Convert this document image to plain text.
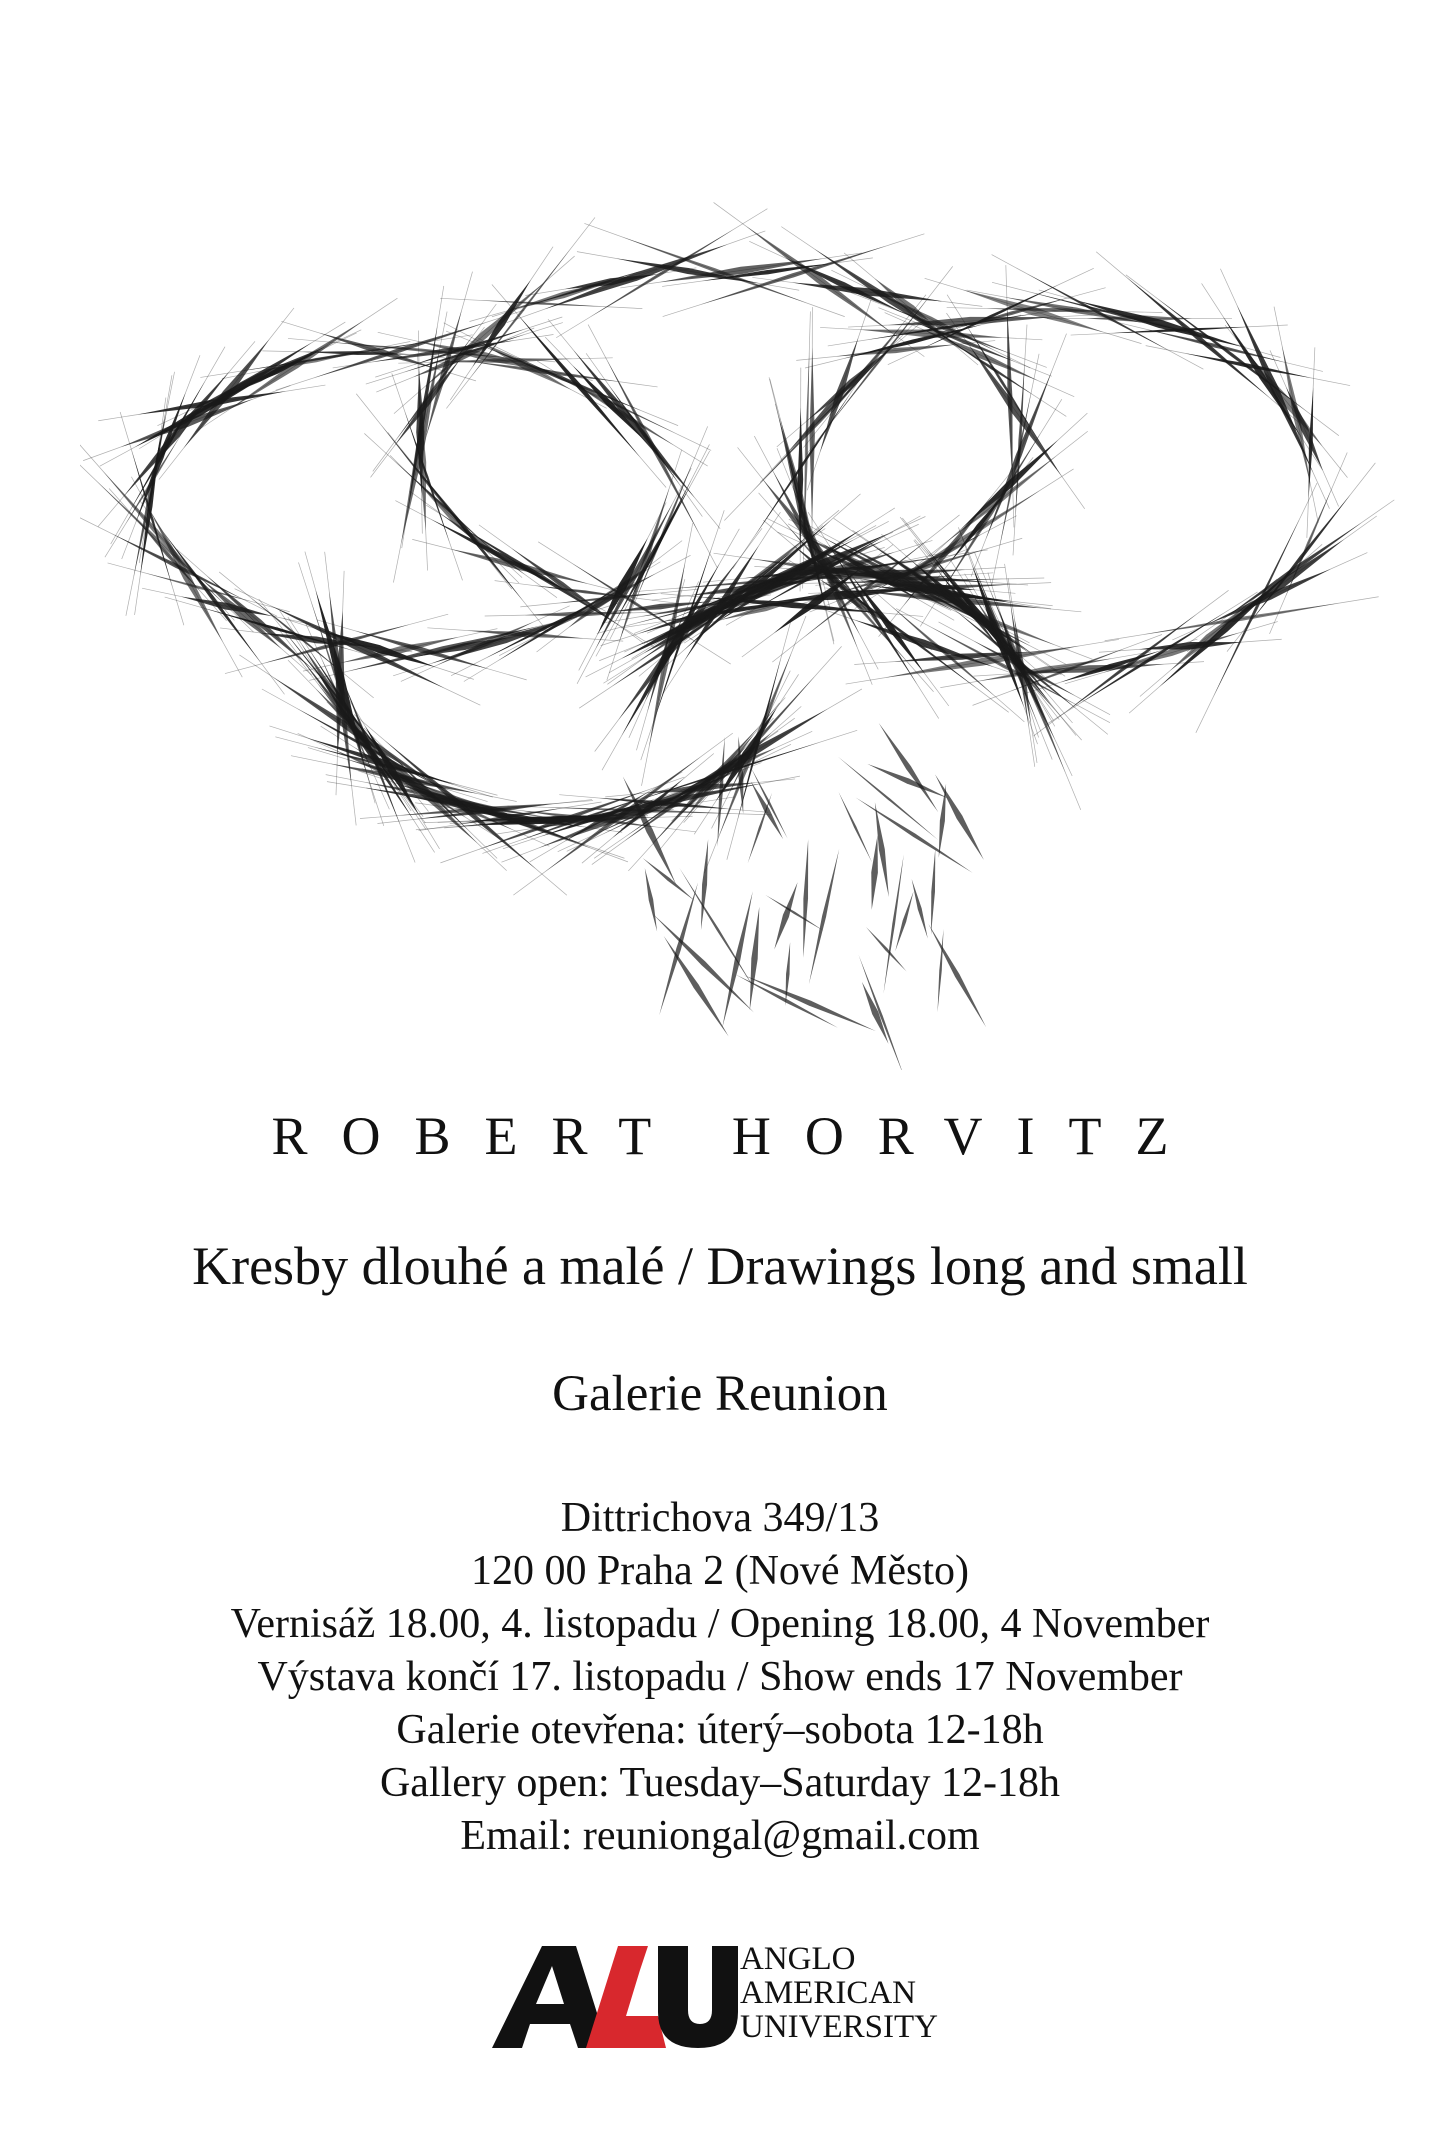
ROBERT HORVITZ
Kresby dlouhé a malé / Drawings long and small
Galerie Reunion
Dittrichova 349/13
120 00 Praha 2 (Nové Město)
Vernisáž 18.00, 4. listopadu / Opening 18.00, 4 November
Výstava končí 17. listopadu / Show ends 17 November
Galerie otevřena: úterý–sobota 12-18h
Gallery open: Tuesday–Saturday 12-18h
Email: reuniongal@gmail.com
ANGLO
AMERICAN
UNIVERSITY
